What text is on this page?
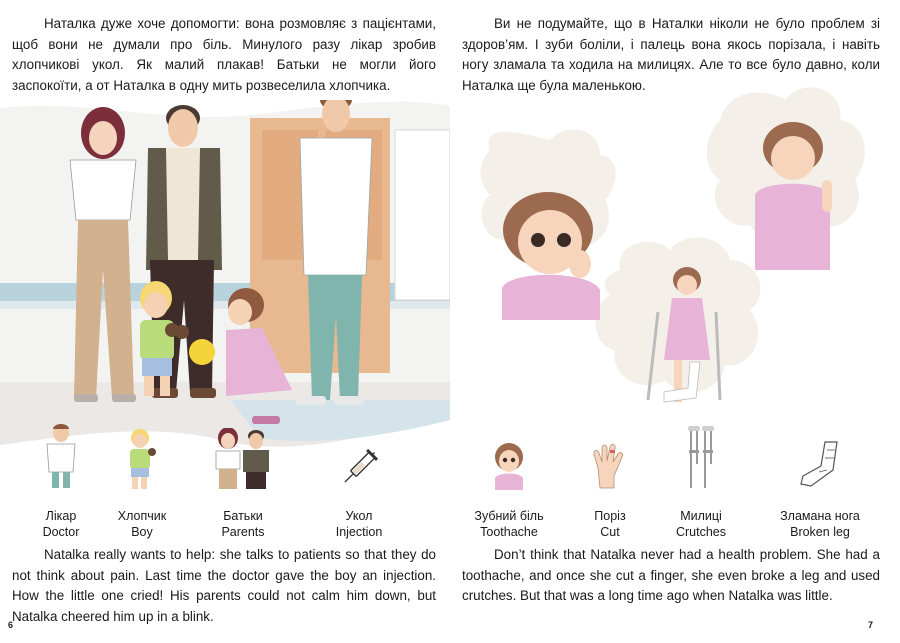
Наталка дуже хоче допомогти: вона розмовляє з пацієнтами, щоб вони не думали про біль. Минулого разу лікар зробив хлопчикові укол. Як малий плакав! Батьки не могли його заспокоїти, а от Наталка в одну мить розвеселила хлопчика.

Лікар
Doctor
Хлопчик
Boy
Батьки
Parents
Укол
Injection

Natalka really wants to help: she talks to patients so that they do not think about pain. Last time the doctor gave the boy an injection. How the little one cried! His parents could not calm him down, but Natalka cheered him up in a blink.

6

Ви не подумайте, що в Наталки ніколи не було проблем зі здоров’ям. І зуби боліли, і палець вона якось порізала, і навіть ногу зламала та ходила на милицях. Але то все було давно, коли Наталка ще була маленькою.

Зубний біль
Toothache
Поріз
Cut
Милиці
Crutches
Зламана нога
Broken leg

Don’t think that Natalka never had a health problem. She had a toothache, and once she cut a finger, she even broke a leg and used crutches. But that was a long time ago when Natalka was little.

7
